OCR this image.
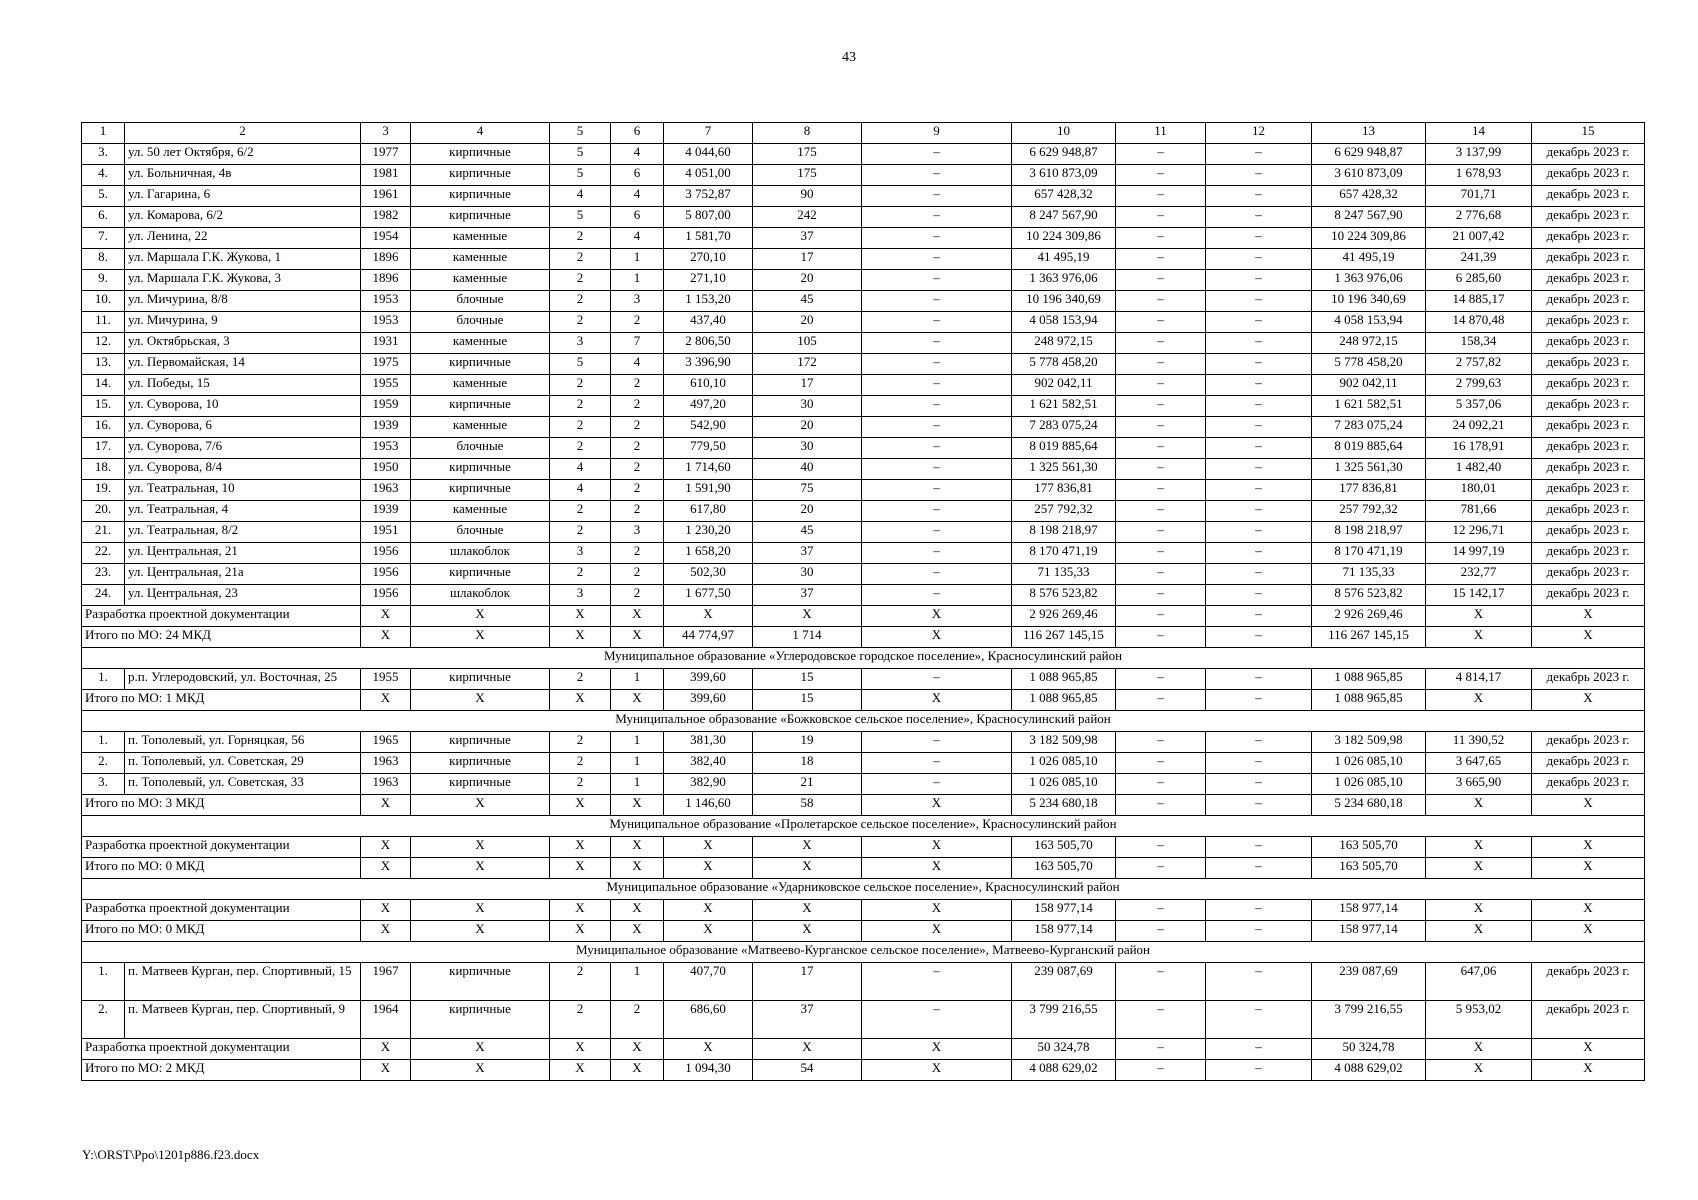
43
1	2	3	4	5	6	7	8	9	10	11	12	13	14	15
3.	ул. 50 лет Октября, 6/2	1977	кирпичные	5	4	4 044,60	175	–	6 629 948,87	–	–	6 629 948,87	3 137,99	декабрь 2023 г.
4.	ул. Больничная, 4в	1981	кирпичные	5	6	4 051,00	175	–	3 610 873,09	–	–	3 610 873,09	1 678,93	декабрь 2023 г.
5.	ул. Гагарина, 6	1961	кирпичные	4	4	3 752,87	90	–	657 428,32	–	–	657 428,32	701,71	декабрь 2023 г.
6.	ул. Комарова, 6/2	1982	кирпичные	5	6	5 807,00	242	–	8 247 567,90	–	–	8 247 567,90	2 776,68	декабрь 2023 г.
7.	ул. Ленина, 22	1954	каменные	2	4	1 581,70	37	–	10 224 309,86	–	–	10 224 309,86	21 007,42	декабрь 2023 г.
8.	ул. Маршала Г.К. Жукова, 1	1896	каменные	2	1	270,10	17	–	41 495,19	–	–	41 495,19	241,39	декабрь 2023 г.
9.	ул. Маршала Г.К. Жукова, 3	1896	каменные	2	1	271,10	20	–	1 363 976,06	–	–	1 363 976,06	6 285,60	декабрь 2023 г.
10.	ул. Мичурина, 8/8	1953	блочные	2	3	1 153,20	45	–	10 196 340,69	–	–	10 196 340,69	14 885,17	декабрь 2023 г.
11.	ул. Мичурина, 9	1953	блочные	2	2	437,40	20	–	4 058 153,94	–	–	4 058 153,94	14 870,48	декабрь 2023 г.
12.	ул. Октябрьская, 3	1931	каменные	3	7	2 806,50	105	–	248 972,15	–	–	248 972,15	158,34	декабрь 2023 г.
13.	ул. Первомайская, 14	1975	кирпичные	5	4	3 396,90	172	–	5 778 458,20	–	–	5 778 458,20	2 757,82	декабрь 2023 г.
14.	ул. Победы, 15	1955	каменные	2	2	610,10	17	–	902 042,11	–	–	902 042,11	2 799,63	декабрь 2023 г.
15.	ул. Суворова, 10	1959	кирпичные	2	2	497,20	30	–	1 621 582,51	–	–	1 621 582,51	5 357,06	декабрь 2023 г.
16.	ул. Суворова, 6	1939	каменные	2	2	542,90	20	–	7 283 075,24	–	–	7 283 075,24	24 092,21	декабрь 2023 г.
17.	ул. Суворова, 7/6	1953	блочные	2	2	779,50	30	–	8 019 885,64	–	–	8 019 885,64	16 178,91	декабрь 2023 г.
18.	ул. Суворова, 8/4	1950	кирпичные	4	2	1 714,60	40	–	1 325 561,30	–	–	1 325 561,30	1 482,40	декабрь 2023 г.
19.	ул. Театральная, 10	1963	кирпичные	4	2	1 591,90	75	–	177 836,81	–	–	177 836,81	180,01	декабрь 2023 г.
20.	ул. Театральная, 4	1939	каменные	2	2	617,80	20	–	257 792,32	–	–	257 792,32	781,66	декабрь 2023 г.
21.	ул. Театральная, 8/2	1951	блочные	2	3	1 230,20	45	–	8 198 218,97	–	–	8 198 218,97	12 296,71	декабрь 2023 г.
22.	ул. Центральная, 21	1956	шлакоблок	3	2	1 658,20	37	–	8 170 471,19	–	–	8 170 471,19	14 997,19	декабрь 2023 г.
23.	ул. Центральная, 21а	1956	кирпичные	2	2	502,30	30	–	71 135,33	–	–	71 135,33	232,77	декабрь 2023 г.
24.	ул. Центральная, 23	1956	шлакоблок	3	2	1 677,50	37	–	8 576 523,82	–	–	8 576 523,82	15 142,17	декабрь 2023 г.
Разработка проектной документации		X	X	X	X	X	X	X	2 926 269,46	–	–	2 926 269,46	X	X
Итого по МО: 24 МКД		X	X	X	X	44 774,97	1 714	X	116 267 145,15	–	–	116 267 145,15	X	X
Муниципальное образование «Углеродовское городское поселение», Красносулинский район														
1.	р.п. Углеродовский, ул. Восточная, 25	1955	кирпичные	2	1	399,60	15	–	1 088 965,85	–	–	1 088 965,85	4 814,17	декабрь 2023 г.
Итого по МО: 1 МКД		X	X	X	X	399,60	15	X	1 088 965,85	–	–	1 088 965,85	X	X
Муниципальное образование «Божковское сельское поселение», Красносулинский район														
1.	п. Тополевый, ул. Горняцкая, 56	1965	кирпичные	2	1	381,30	19	–	3 182 509,98	–	–	3 182 509,98	11 390,52	декабрь 2023 г.
2.	п. Тополевый, ул. Советская, 29	1963	кирпичные	2	1	382,40	18	–	1 026 085,10	–	–	1 026 085,10	3 647,65	декабрь 2023 г.
3.	п. Тополевый, ул. Советская, 33	1963	кирпичные	2	1	382,90	21	–	1 026 085,10	–	–	1 026 085,10	3 665,90	декабрь 2023 г.
Итого по МО: 3 МКД		X	X	X	X	1 146,60	58	X	5 234 680,18	–	–	5 234 680,18	X	X
Муниципальное образование «Пролетарское сельское поселение», Красносулинский район														
Разработка проектной документации		X	X	X	X	X	X	X	163 505,70	–	–	163 505,70	X	X
Итого по МО: 0 МКД		X	X	X	X	X	X	X	163 505,70	–	–	163 505,70	X	X
Муниципальное образование «Ударниковское сельское поселение», Красносулинский район														
Разработка проектной документации		X	X	X	X	X	X	X	158 977,14	–	–	158 977,14	X	X
Итого по МО: 0 МКД		X	X	X	X	X	X	X	158 977,14	–	–	158 977,14	X	X
Муниципальное образование «Матвеево-Курганское сельское поселение», Матвеево-Курганский район														
1.	п. Матвеев Курган, пер. Спортивный, 15	1967	кирпичные	2	1	407,70	17	–	239 087,69	–	–	239 087,69	647,06	декабрь 2023 г.
2.	п. Матвеев Курган, пер. Спортивный, 9	1964	кирпичные	2	2	686,60	37	–	3 799 216,55	–	–	3 799 216,55	5 953,02	декабрь 2023 г.
Разработка проектной документации		X	X	X	X	X	X	X	50 324,78	–	–	50 324,78	X	X
Итого по МО: 2 МКД		X	X	X	X	1 094,30	54	X	4 088 629,02	–	–	4 088 629,02	X	X
Y:\ORST\Ppo\1201p886.f23.docx
